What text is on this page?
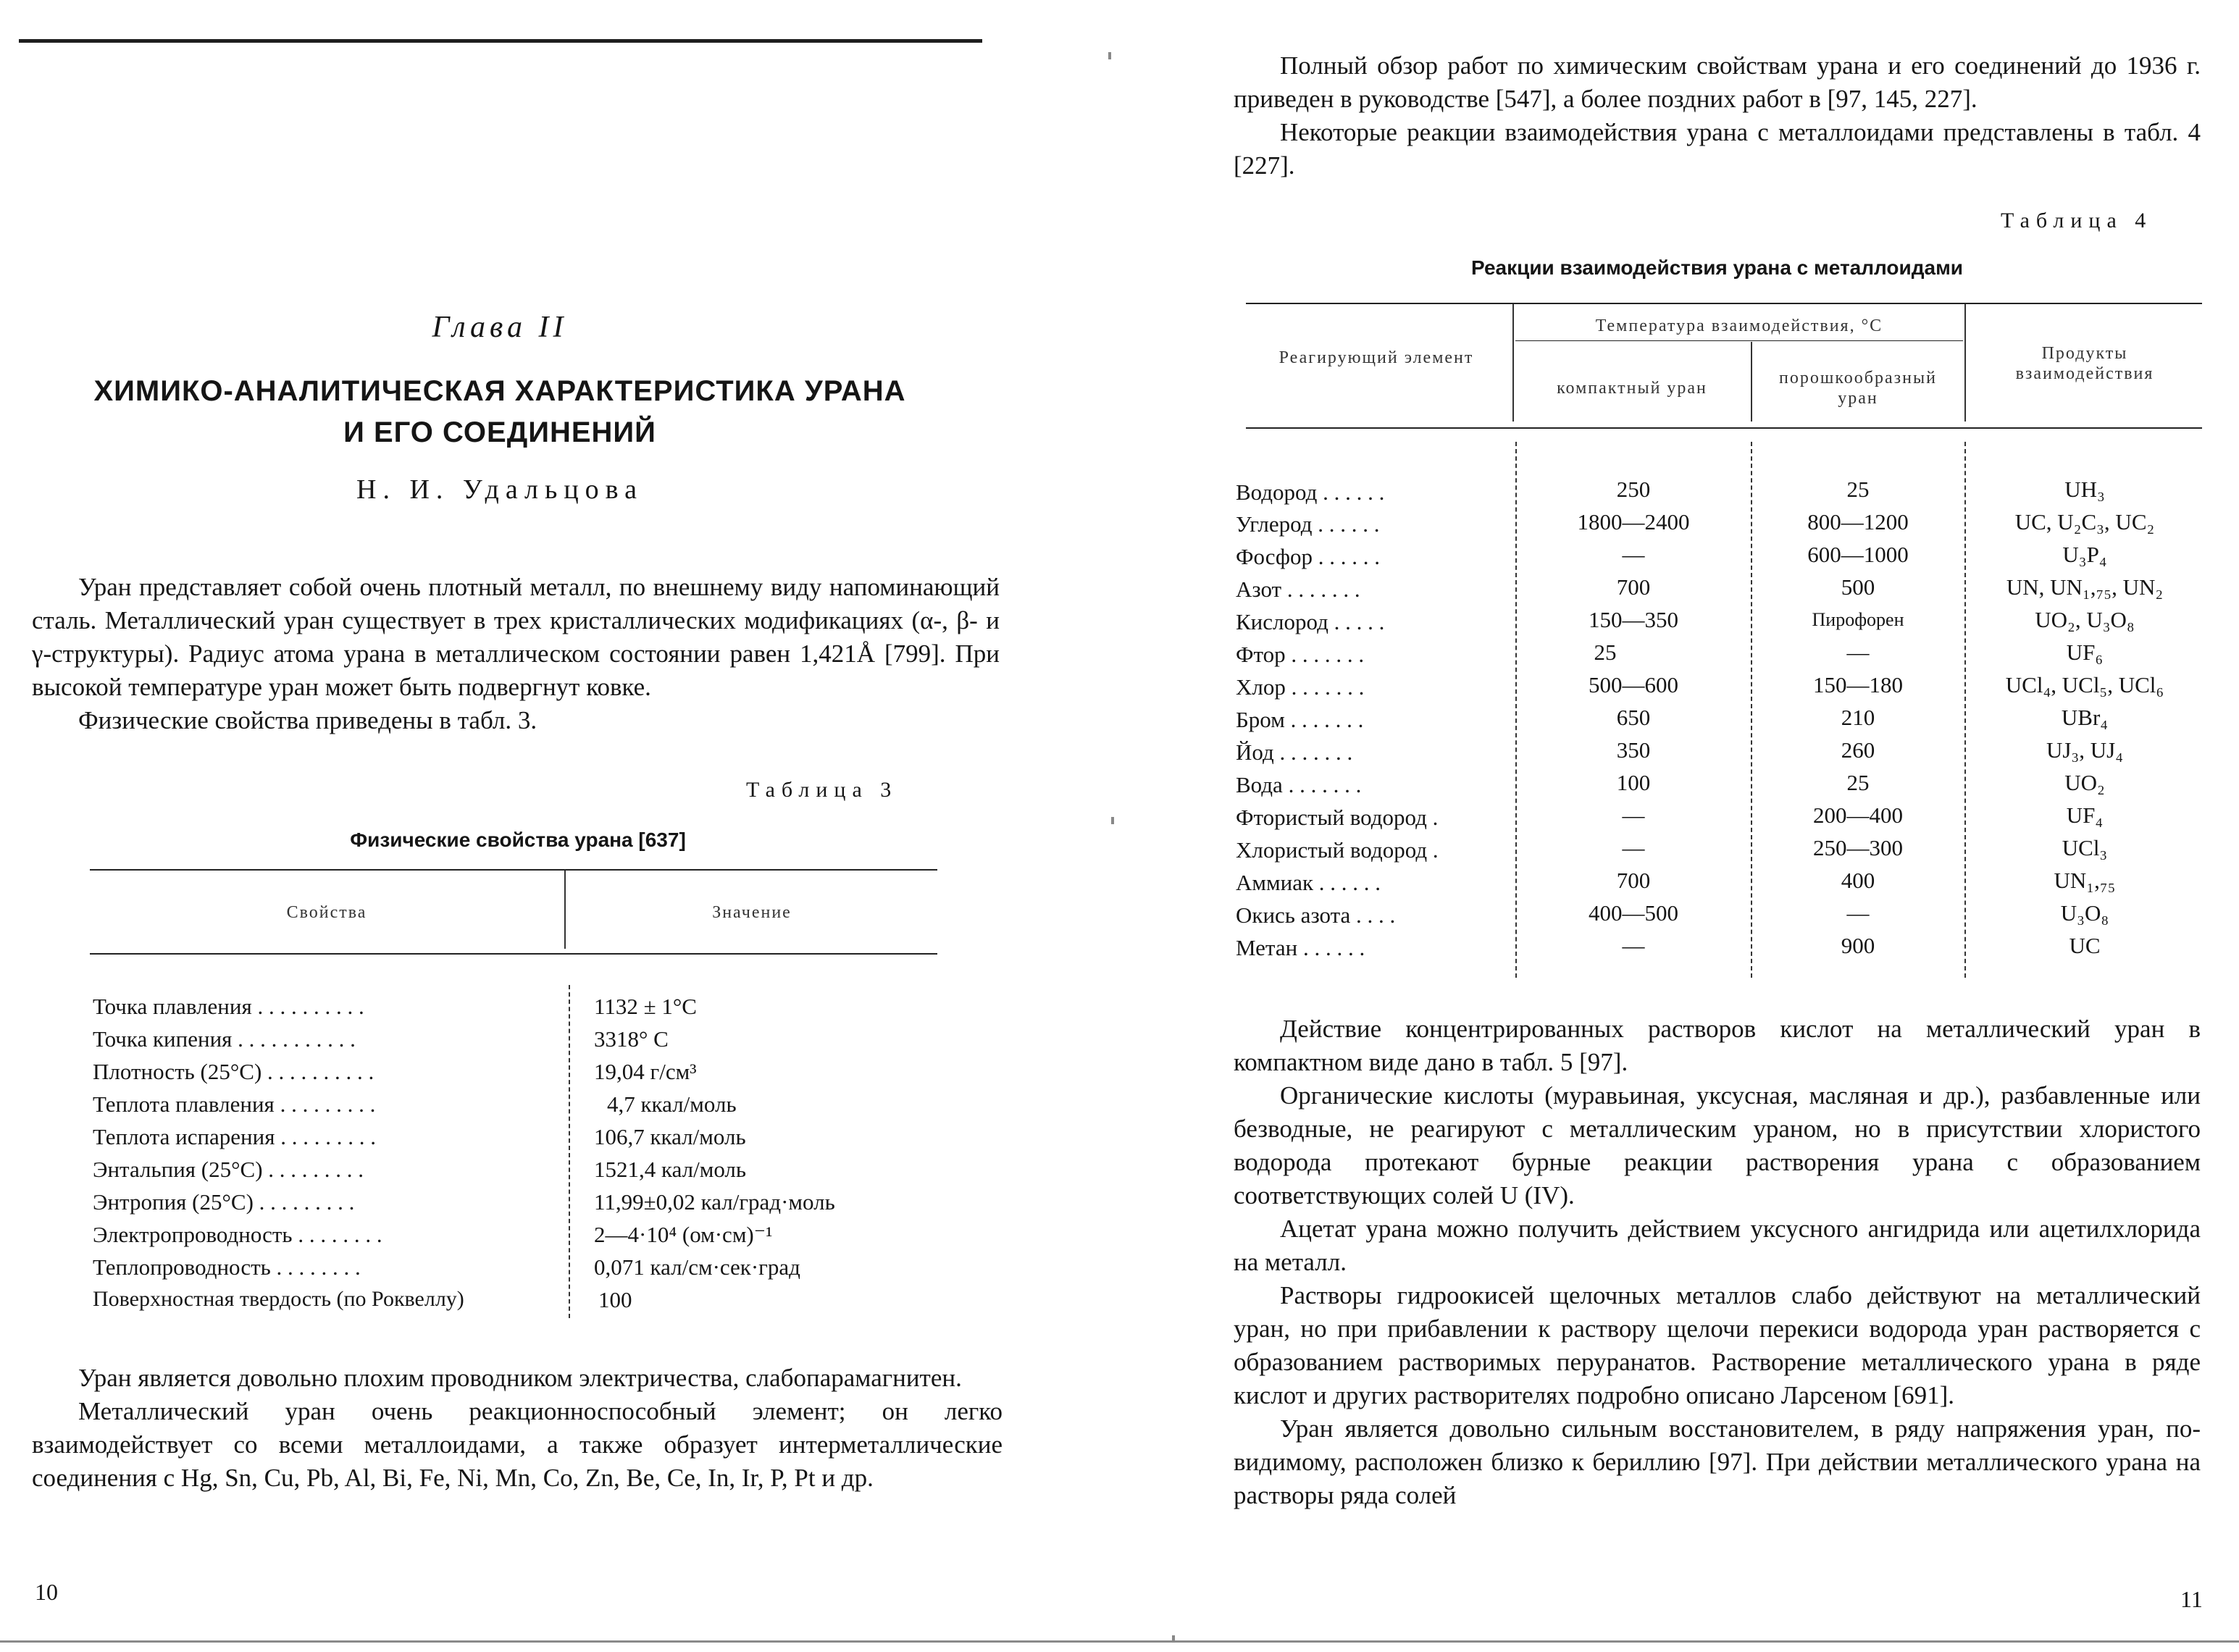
Глава II
ХИМИКО-АНАЛИТИЧЕСКАЯ ХАРАКТЕРИСТИКА УРАНА И ЕГО СОЕДИНЕНИЙ
Н. И. Удальцова

Уран представляет собой очень плотный металл, по внешнему виду напоминающий сталь. Металлический уран существует в трех кристаллических модификациях (α-, β- и γ-структуры). Радиус атома урана в металлическом состоянии равен 1,421Å [799]. При высокой температуре уран может быть подвергнут ковке.

Физические свойства приведены в табл. 3.

Таблица 3
Физические свойства урана [637]
Свойства	Значение
Точка плавления . . . . . . . . . .	1132 ± 1°С
Точка кипения . . . . . . . . . . .	3318° С
Плотность (25°С) . . . . . . . . . .	19,04 г/см³
Теплота плавления . . . . . . . . .	4,7 ккал/моль
Теплота испарения . . . . . . . . .	106,7 ккал/моль
Энтальпия (25°С) . . . . . . . . .	1521,4 кал/моль
Энтропия (25°С) . . . . . . . . .	11,99±0,02 кал/град·моль
Электропроводность . . . . . . . .	2—4·10⁴ (ом·см)⁻¹
Теплопроводность . . . . . . . .	0,071 кал/см·сек·град
Поверхностная твердость (по Роквеллу)	100

Уран является довольно плохим проводником электричества, слабопарамагнитен.

Металлический уран очень реакционноспособный элемент; он легко взаимодействует со всеми металлоидами, а также образует интерметаллические соединения с Hg, Sn, Cu, Pb, Al, Bi, Fe, Ni, Mn, Co, Zn, Be, Ce, In, Ir, P, Pt и др.

10

Полный обзор работ по химическим свойствам урана и его соединений до 1936 г. приведен в руководстве [547], а более поздних работ в [97, 145, 227].

Некоторые реакции взаимодействия урана с металлоидами представлены в табл. 4 [227].

Таблица 4
Реакции взаимодействия урана с металлоидами
Реагирующий элемент
Температура взаимодействия, °С
компактный уран
порошкообразный уран
Продукты взаимодействия
Водород . . . . . .	250	25	UH₃
Углерод . . . . . .	1800—2400	800—1200	UC, U₂C₃, UC₂
Фосфор . . . . . .	—	600—1000	U₃P₄
Азот . . . . . . .	700	500	UN, UN₁,₇₅, UN₂
Кислород . . . . .	150—350	Пирофорен	UO₂, U₃O₈
Фтор . . . . . . .	25	—	UF₆
Хлор . . . . . . .	500—600	150—180	UCl₄, UCl₅, UCl₆
Бром . . . . . . .	650	210	UBr₄
Йод . . . . . . .	350	260	UJ₃, UJ₄
Вода . . . . . . .	100	25	UO₂
Фтористый водород .	—	200—400	UF₄
Хлористый водород .	—	250—300	UCl₃
Аммиак . . . . . .	700	400	UN₁,₇₅
Окись азота . . . .	400—500	—	U₃O₈
Метан . . . . . .	—	900	UC

Действие концентрированных растворов кислот на металлический уран в компактном виде дано в табл. 5 [97].

Органические кислоты (муравьиная, уксусная, масляная и др.), разбавленные или безводные, не реагируют с металлическим ураном, но в присутствии хлористого водорода протекают бурные реакции растворения урана с образованием соответствующих солей U (IV).

Ацетат урана можно получить действием уксусного ангидрида или ацетилхлорида на металл.

Растворы гидроокисей щелочных металлов слабо действуют на металлический уран, но при прибавлении к раствору щелочи перекиси водорода уран растворяется с образованием растворимых перуранатов. Растворение металлического урана в ряде кислот и других растворителях подробно описано Ларсеном [691].

Уран является довольно сильным восстановителем, в ряду напряжения уран, по-видимому, расположен близко к бериллию [97]. При действии металлического урана на растворы ряда солей

11
